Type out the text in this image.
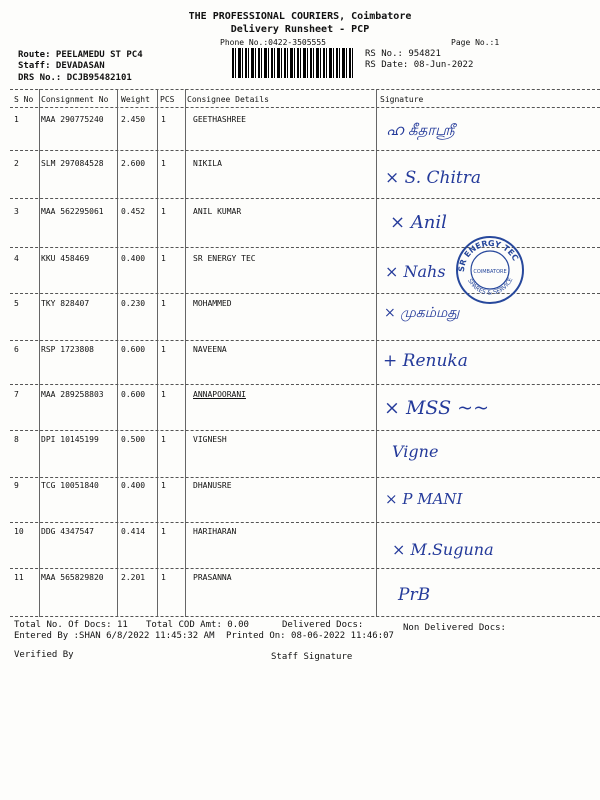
THE PROFESSIONAL COURIERS, Coimbatore
Delivery Runsheet - PCP
Phone No.:0422-3505555	Page No.:1
Route: PEELAMEDU ST PC4
Staff: DEVADASAN
DRS No.: DCJB95482101
RS No.: 954821
RS Date: 08-Jun-2022
S No Consignment No Weight PCS Consignee Details	Signature
1	MAA 290775240 2.450 1	GEETHASHREE
ഹ கீதாஸ்ரீ
2	SLM 297084528 2.600 1	NIKILA
× S. Chitra
3	MAA 562295061 0.452 1	ANIL KUMAR
× Anil
4	KKU 458469	0.400 1	SR ENERGY TEC
× Nahs
5	TKY 828407	0.230 1	MOHAMMED
× முகம்மது
6	RSP 1723808	0.600 1	NAVEENA
+ Renuka
7	MAA 289258803 0.600 1	ANNAPOORANI
× MSS ~~
8	DPI 10145199	0.500 1	VIGNESH
Vigne
9	TCG 10051840	0.400 1	DHANUSRE
× P MANI
10 DDG 4347547	0.414 1	HARIHARAN
× M.Suguna
11 MAA 565829820 2.201 1	PRASANNA
PrB
SR ENERGY TEC
SPARES & SERVICE
COIMBATORE
Total No. Of Docs: 11 Total COD Amt: 0.00	Delivered Docs:	Non Delivered Docs:
Entered By :SHAN 6/8/2022 11:45:32 AM Printed On: 08-06-2022 11:46:07
Verified By	Staff Signature
